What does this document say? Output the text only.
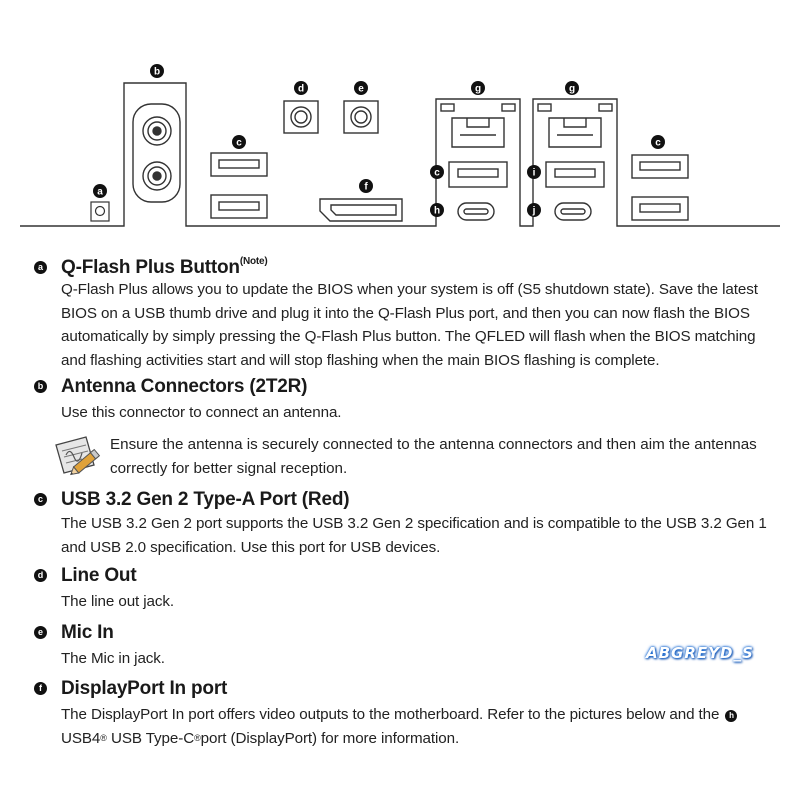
a
b
c
d	e
f
g
c
h
g
i
j
c
a Q-Flash Plus Button$^{(Note)}$
Q-Flash Plus allows you to update the BIOS when your system is off (S5 shutdown state). Save the latest BIOS on a USB thumb drive and plug it into the Q-Flash Plus port, and then you can now flash the BIOS automatically by simply pressing the Q-Flash Plus button. The QFLED will flash when the BIOS matching and flashing activities start and will stop flashing when the main BIOS flashing is complete.
b Antenna Connectors (2T2R)
Use this connector to connect an antenna.
Ensure the antenna is securely connected to the antenna connectors and then aim the antennas correctly for better signal reception.
c USB 3.2 Gen 2 Type-A Port (Red)
The USB 3.2 Gen 2 port supports the USB 3.2 Gen 2 specification and is compatible to the USB 3.2 Gen 1 and USB 2.0 specification. Use this port for USB devices.
d Line Out
The line out jack.
e Mic In
The Mic in jack.
f DisplayPort In port
The DisplayPort In port offers video outputs to the motherboard. Refer to the pictures below and the h
USB4® USB Type-C®port (DisplayPort) for more information.
ABGREYD_S
